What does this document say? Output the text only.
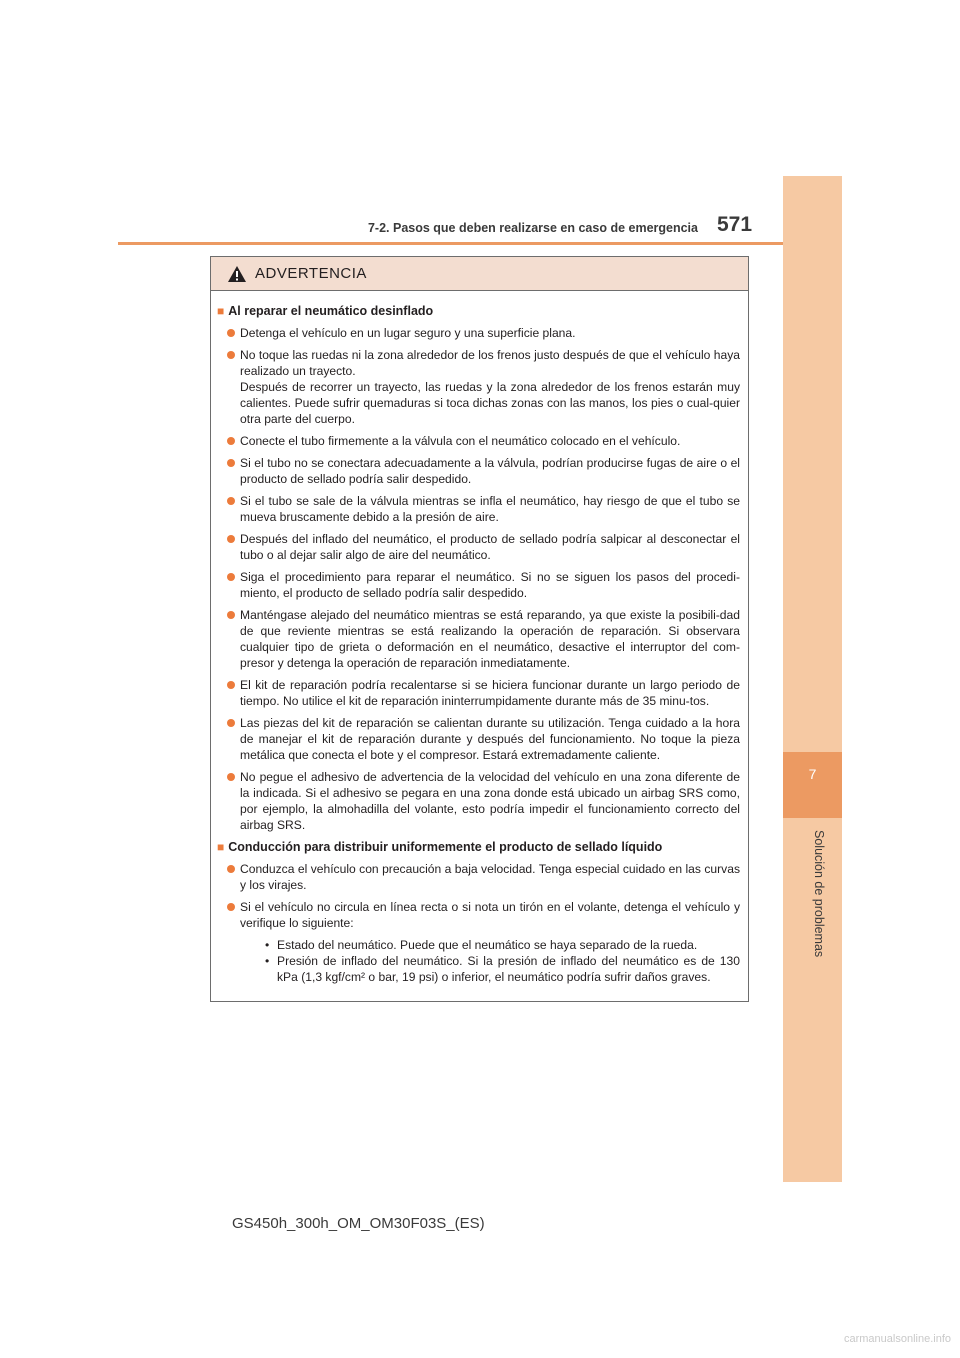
7
Solución de problemas
7-2. Pasos que deben realizarse en caso de emergencia 571
ADVERTENCIA
■ Al reparar el neumático desinflado
Detenga el vehículo en un lugar seguro y una superficie plana.
No toque las ruedas ni la zona alrededor de los frenos justo después de que el vehículo haya realizado un trayecto.
Después de recorrer un trayecto, las ruedas y la zona alrededor de los frenos estarán muy calientes. Puede sufrir quemaduras si toca dichas zonas con las manos, los pies o cual-quier otra parte del cuerpo.
Conecte el tubo firmemente a la válvula con el neumático colocado en el vehículo.
Si el tubo no se conectara adecuadamente a la válvula, podrían producirse fugas de aire o el producto de sellado podría salir despedido.
Si el tubo se sale de la válvula mientras se infla el neumático, hay riesgo de que el tubo se mueva bruscamente debido a la presión de aire.
Después del inflado del neumático, el producto de sellado podría salpicar al desconectar el tubo o al dejar salir algo de aire del neumático.
Siga el procedimiento para reparar el neumático. Si no se siguen los pasos del procedi-miento, el producto de sellado podría salir despedido.
Manténgase alejado del neumático mientras se está reparando, ya que existe la posibili-dad de que reviente mientras se está realizando la operación de reparación. Si observara cualquier tipo de grieta o deformación en el neumático, desactive el interruptor del com-presor y detenga la operación de reparación inmediatamente.
El kit de reparación podría recalentarse si se hiciera funcionar durante un largo periodo de tiempo. No utilice el kit de reparación ininterrumpidamente durante más de 35 minu-tos.
Las piezas del kit de reparación se calientan durante su utilización. Tenga cuidado a la hora de manejar el kit de reparación durante y después del funcionamiento. No toque la pieza metálica que conecta el bote y el compresor. Estará extremadamente caliente.
No pegue el adhesivo de advertencia de la velocidad del vehículo en una zona diferente de la indicada. Si el adhesivo se pegara en una zona donde está ubicado un airbag SRS como, por ejemplo, la almohadilla del volante, esto podría impedir el funcionamiento correcto del airbag SRS.
■ Conducción para distribuir uniformemente el producto de sellado líquido
Conduzca el vehículo con precaución a baja velocidad. Tenga especial cuidado en las curvas y los virajes.
Si el vehículo no circula en línea recta o si nota un tirón en el volante, detenga el vehículo y verifique lo siguiente:
• Estado del neumático. Puede que el neumático se haya separado de la rueda.
• Presión de inflado del neumático. Si la presión de inflado del neumático es de 130 kPa (1,3 kgf/cm² o bar, 19 psi) o inferior, el neumático podría sufrir daños graves.
GS450h_300h_OM_OM30F03S_(ES)
carmanualsonline.info
